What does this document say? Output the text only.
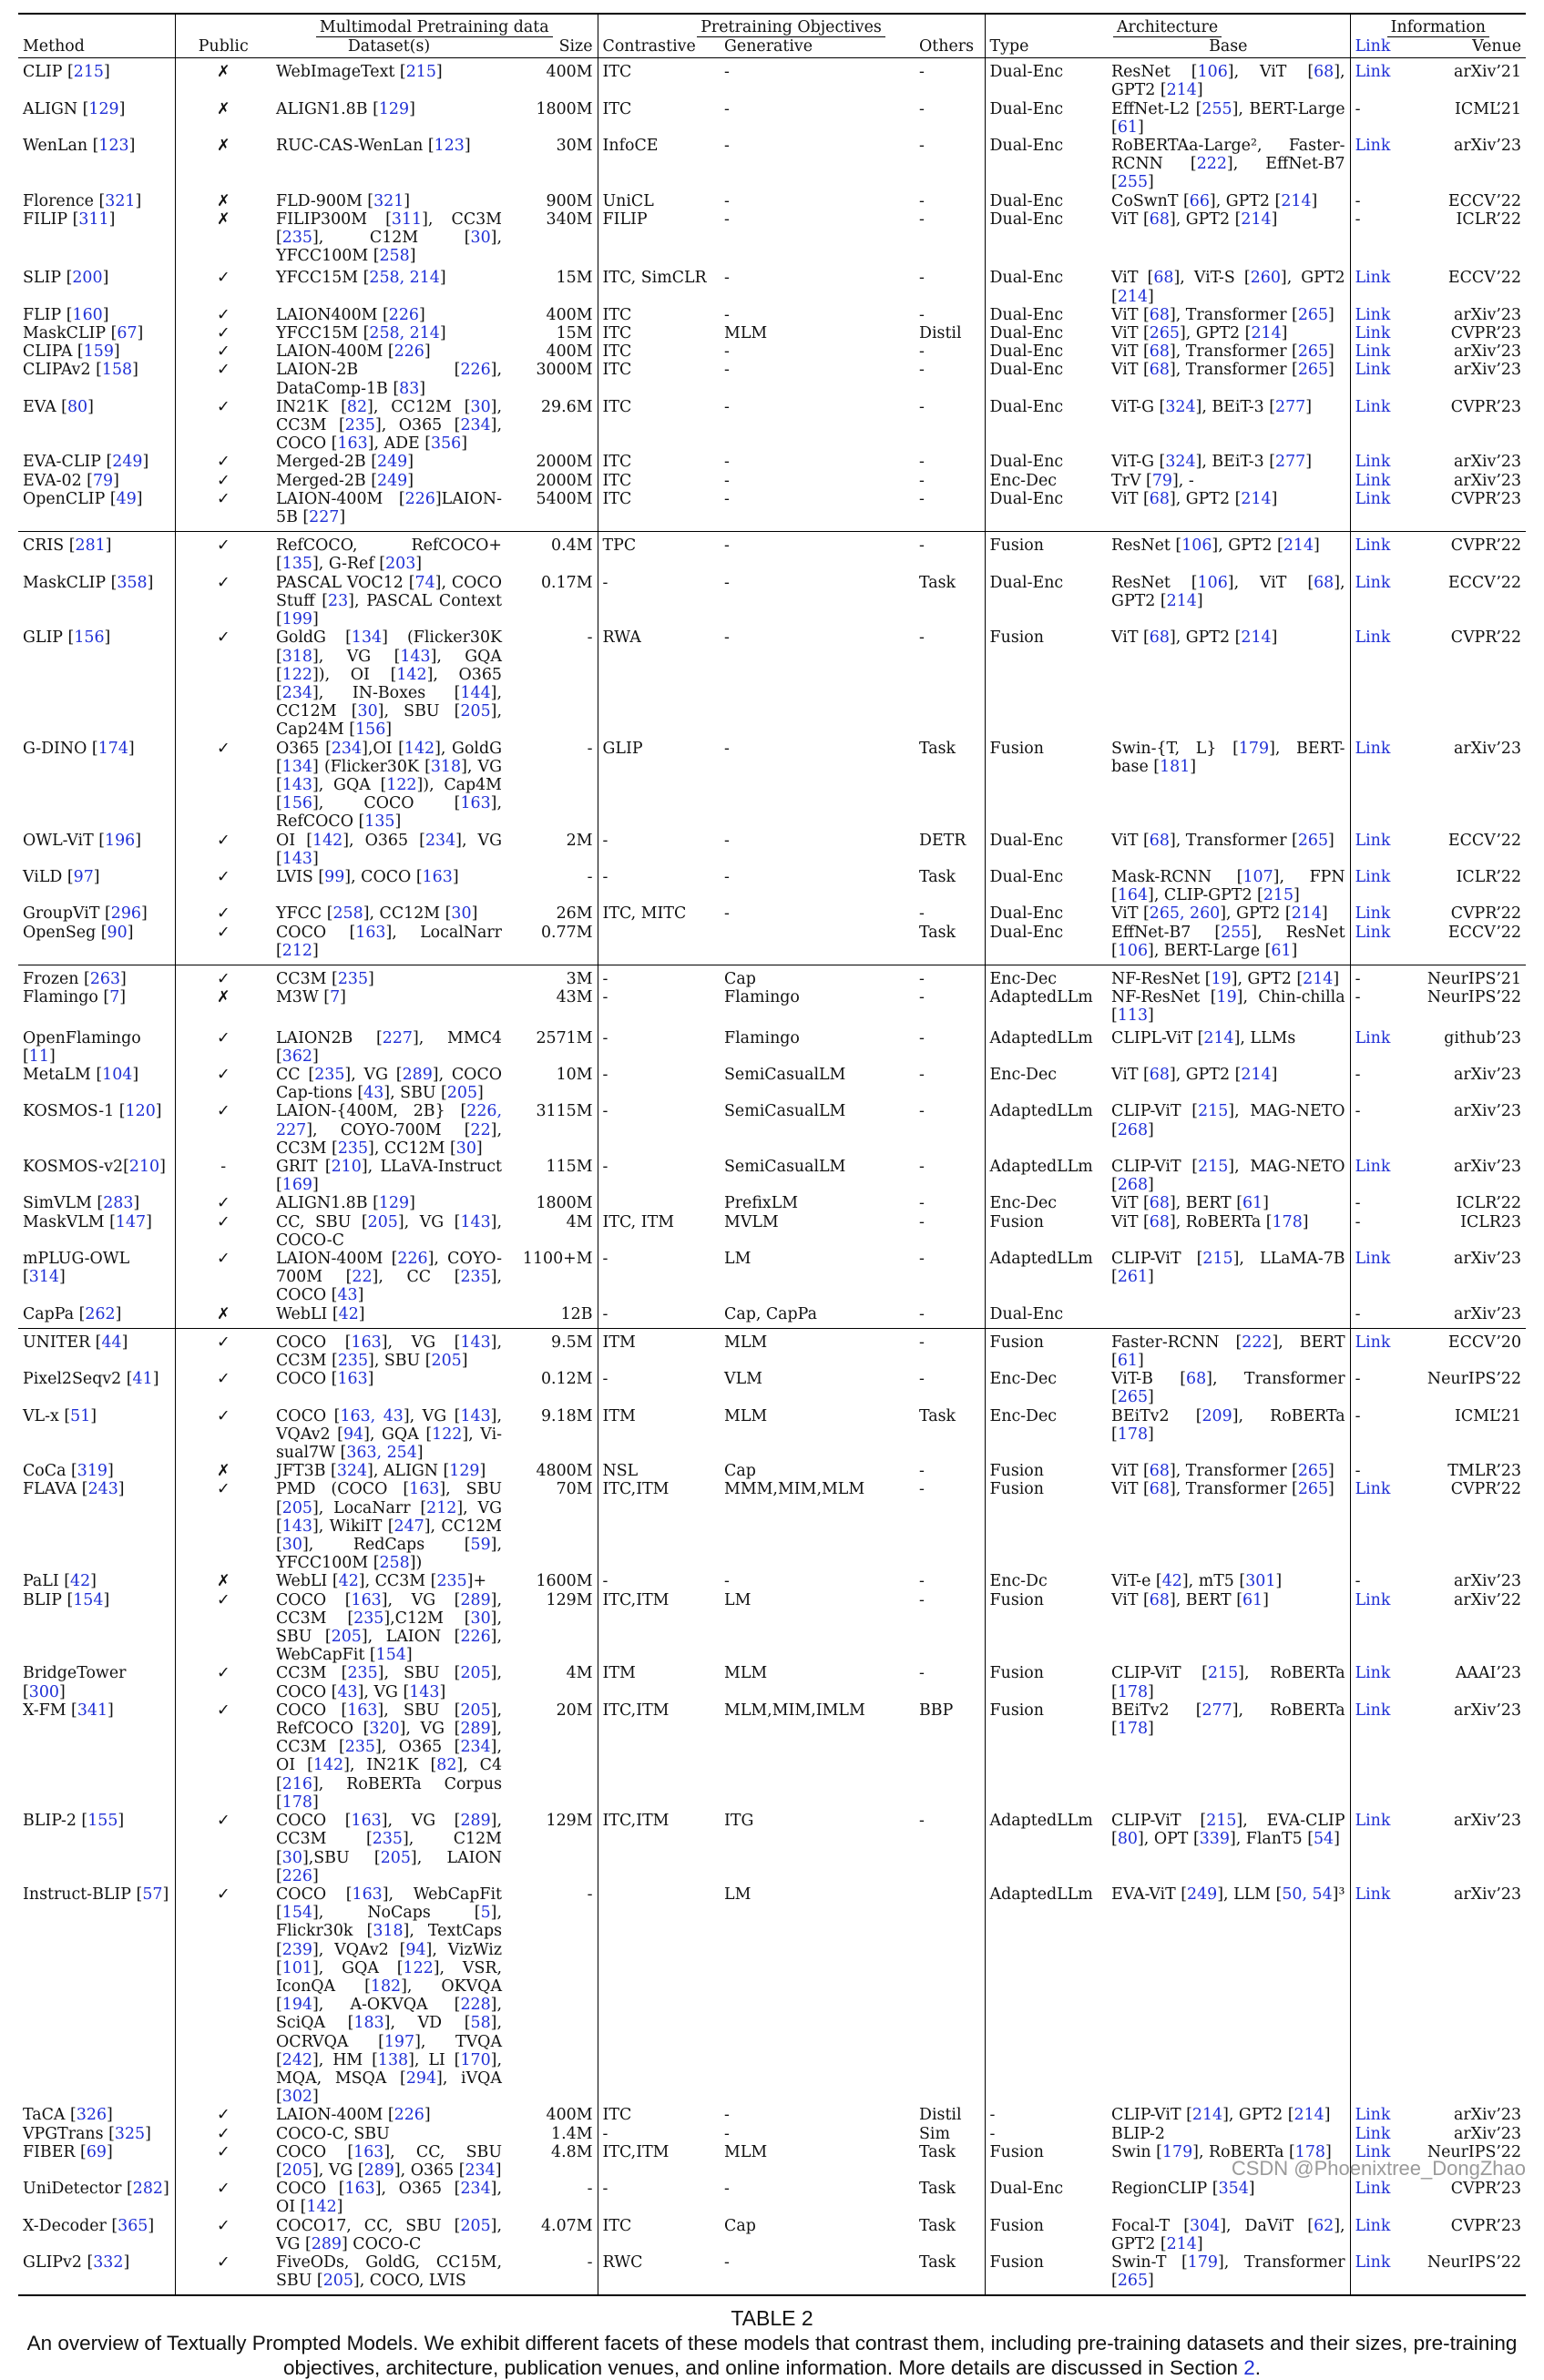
		Multimodal Pretraining data		Pretraining Objectives			Architecture		Information	
Method	Public	Dataset(s)	Size	Contrastive	Generative	Others	Type	Base	Link	Venue
CLIP [215]	✗	WebImageText [215]	400M	ITC	-	-	Dual-Enc	ResNet [106], ViT [68], GPT2 [214]	Link	arXiv’21
ALIGN [129]	✗	ALIGN1.8B [129]	1800M	ITC	-	-	Dual-Enc	EffNet-L2 [255], BERT-Large [61]	-	ICML’21
WenLan [123]	✗	RUC-CAS-WenLan [123]	30M	InfoCE	-	-	Dual-Enc	RoBERTAa-Large², Faster-RCNN [222], EffNet-B7 [255]	Link	arXiv’23
Florence [321]	✗	FLD-900M [321]	900M	UniCL	-	-	Dual-Enc	CoSwnT [66], GPT2 [214]	-	ECCV’22
FILIP [311]	✗	FILIP300M [311], CC3M [235], C12M [30], YFCC100M [258]	340M	FILIP	-	-	Dual-Enc	ViT [68], GPT2 [214]	-	ICLR’22
SLIP [200]	✓	YFCC15M [258, 214]	15M	ITC, SimCLR	-	-	Dual-Enc	ViT [68], ViT-S [260], GPT2 [214]	Link	ECCV’22
FLIP [160]	✓	LAION400M [226]	400M	ITC	-	-	Dual-Enc	ViT [68], Transformer [265]	Link	arXiv’23
MaskCLIP [67]	✓	YFCC15M [258, 214]	15M	ITC	MLM	Distil	Dual-Enc	ViT [265], GPT2 [214]	Link	CVPR’23
CLIPA [159]	✓	LAION-400M [226]	400M	ITC	-	-	Dual-Enc	ViT [68], Transformer [265]	Link	arXiv’23
CLIPAv2 [158]	✓	LAION-2B [226], DataComp-1B [83]	3000M	ITC	-	-	Dual-Enc	ViT [68], Transformer [265]	Link	arXiv’23
EVA [80]	✓	IN21K [82], CC12M [30], CC3M [235], O365 [234], COCO [163], ADE [356]	29.6M	ITC	-	-	Dual-Enc	ViT-G [324], BEiT-3 [277]	Link	CVPR’23
EVA-CLIP [249]	✓	Merged-2B [249]	2000M	ITC	-	-	Dual-Enc	ViT-G [324], BEiT-3 [277]	Link	arXiv’23
EVA-02 [79]	✓	Merged-2B [249]	2000M	ITC	-	-	Enc-Dec	TrV [79], -	Link	arXiv’23
OpenCLIP [49]	✓	LAION-400M [226]LAION-5B [227]	5400M	ITC	-	-	Dual-Enc	ViT [68], GPT2 [214]	Link	CVPR’23
CRIS [281]	✓	RefCOCO, RefCOCO+ [135], G-Ref [203]	0.4M	TPC	-	-	Fusion	ResNet [106], GPT2 [214]	Link	CVPR’22
MaskCLIP [358]	✓	PASCAL VOC12 [74], COCO Stuff [23], PASCAL Context [199]	0.17M	-	-	Task	Dual-Enc	ResNet [106], ViT [68], GPT2 [214]	Link	ECCV’22
GLIP [156]	✓	GoldG [134] (Flicker30K [318], VG [143], GQA [122]), OI [142], O365 [234], IN-Boxes [144], CC12M [30], SBU [205], Cap24M [156]	-	RWA	-	-	Fusion	ViT [68], GPT2 [214]	Link	CVPR’22
G-DINO [174]	✓	O365 [234],OI [142], GoldG [134] (Flicker30K [318], VG [143], GQA [122]), Cap4M [156], COCO [163], RefCOCO [135]	-	GLIP	-	Task	Fusion	Swin-{T, L} [179], BERT-base [181]	Link	arXiv’23
OWL-ViT [196]	✓	OI [142], O365 [234], VG [143]	2M	-	-	DETR	Dual-Enc	ViT [68], Transformer [265]	Link	ECCV’22
ViLD [97]	✓	LVIS [99], COCO [163]	-	-	-	Task	Dual-Enc	Mask-RCNN [107], FPN [164], CLIP-GPT2 [215]	Link	ICLR’22
GroupViT [296]	✓	YFCC [258], CC12M [30]	26M	ITC, MITC	-	-	Dual-Enc	ViT [265, 260], GPT2 [214]	Link	CVPR’22
OpenSeg [90]	✓	COCO [163], LocalNarr [212]	0.77M			Task	Dual-Enc	EffNet-B7 [255], ResNet [106], BERT-Large [61]	Link	ECCV’22
Frozen [263]	✓	CC3M [235]	3M	-	Cap	-	Enc-Dec	NF-ResNet [19], GPT2 [214]	-	NeurIPS’21
Flamingo [7]	✗	M3W [7]	43M	-	Flamingo	-	AdaptedLLm	NF-ResNet [19], Chin-chilla [113]	-	NeurIPS’22
OpenFlamingo [11]	✓	LAION2B [227], MMC4 [362]	2571M	-	Flamingo	-	AdaptedLLm	CLIPL-ViT [214], LLMs	Link	github’23
MetaLM [104]	✓	CC [235], VG [289], COCO Cap-tions [43], SBU [205]	10M	-	SemiCasualLM	-	Enc-Dec	ViT [68], GPT2 [214]	-	arXiv’23
KOSMOS-1 [120]	✓	LAION-{400M, 2B} [226, 227], COYO-700M [22], CC3M [235], CC12M [30]	3115M	-	SemiCasualLM	-	AdaptedLLm	CLIP-ViT [215], MAG-NETO [268]	-	arXiv’23
KOSMOS-v2[210]	-	GRIT [210], LLaVA-Instruct [169]	115M	-	SemiCasualLM	-	AdaptedLLm	CLIP-ViT [215], MAG-NETO [268]	Link	arXiv’23
SimVLM [283]	✓	ALIGN1.8B [129]	1800M		PrefixLM	-	Enc-Dec	ViT [68], BERT [61]	-	ICLR’22
MaskVLM [147]	✓	CC, SBU [205], VG [143], COCO-C	4M	ITC, ITM	MVLM	-	Fusion	ViT [68], RoBERTa [178]	-	ICLR23
mPLUG-OWL [314]	✓	LAION-400M [226], COYO-700M [22], CC [235], COCO [43]	1100+M	-	LM	-	AdaptedLLm	CLIP-ViT [215], LLaMA-7B [261]	Link	arXiv’23
CapPa [262]	✗	WebLI [42]	12B	-	Cap, CapPa	-	Dual-Enc		-	arXiv’23
UNITER [44]	✓	COCO [163], VG [143], CC3M [235], SBU [205]	9.5M	ITM	MLM	-	Fusion	Faster-RCNN [222], BERT [61]	Link	ECCV’20
Pixel2Seqv2 [41]	✓	COCO [163]	0.12M	-	VLM	-	Enc-Dec	ViT-B [68], Transformer [265]	-	NeurIPS’22
VL-x [51]	✓	COCO [163, 43], VG [143], VQAv2 [94], GQA [122], Vi-sual7W [363, 254]	9.18M	ITM	MLM	Task	Enc-Dec	BEiTv2 [209], RoBERTa [178]	-	ICML’21
CoCa [319]	✗	JFT3B [324], ALIGN [129]	4800M	NSL	Cap	-	Fusion	ViT [68], Transformer [265]	-	TMLR’23
FLAVA [243]	✓	PMD (COCO [163], SBU [205], LocaNarr [212], VG [143], WikiIT [247], CC12M [30], RedCaps [59], YFCC100M [258])	70M	ITC,ITM	MMM,MIM,MLM	-	Fusion	ViT [68], Transformer [265]	Link	CVPR’22
PaLI [42]	✗	WebLI [42], CC3M [235]+	1600M	-	-	-	Enc-Dc	ViT-e [42], mT5 [301]	-	arXiv’23
BLIP [154]	✓	COCO [163], VG [289], CC3M [235],C12M [30], SBU [205], LAION [226], WebCapFit [154]	129M	ITC,ITM	LM	-	Fusion	ViT [68], BERT [61]	Link	arXiv’22
BridgeTower [300]	✓	CC3M [235], SBU [205], COCO [43], VG [143]	4M	ITM	MLM	-	Fusion	CLIP-ViT [215], RoBERTa [178]	Link	AAAI’23
X-FM [341]	✓	COCO [163], SBU [205], RefCOCO [320], VG [289], CC3M [235], O365 [234], OI [142], IN21K [82], C4 [216], RoBERTa Corpus [178]	20M	ITC,ITM	MLM,MIM,IMLM	BBP	Fusion	BEiTv2 [277], RoBERTa [178]	Link	arXiv’23
BLIP-2 [155]	✓	COCO [163], VG [289], CC3M [235], C12M [30],SBU [205], LAION [226]	129M	ITC,ITM	ITG	-	AdaptedLLm	CLIP-ViT [215], EVA-CLIP [80], OPT [339], FlanT5 [54]	Link	arXiv’23
Instruct-BLIP [57]	✓	COCO [163], WebCapFit [154], NoCaps [5], Flickr30k [318], TextCaps [239], VQAv2 [94], VizWiz [101], GQA [122], VSR, IconQA [182], OKVQA [194], A-OKVQA [228], SciQA [183], VD [58], OCRVQA [197], TVQA [242], HM [138], LI [170], MQA, MSQA [294], iVQA [302]	-		LM		AdaptedLLm	EVA-ViT [249], LLM [50, 54]³	Link	arXiv’23
TaCA [326]	✓	LAION-400M [226]	400M	ITC	-	Distil	-	CLIP-ViT [214], GPT2 [214]	Link	arXiv’23
VPGTrans [325]	✓	COCO-C, SBU	1.4M	-	-	Sim	-	BLIP-2	Link	arXiv’23
FIBER [69]	✓	COCO [163], CC, SBU [205], VG [289], O365 [234]	4.8M	ITC,ITM	MLM	Task	Fusion	Swin [179], RoBERTa [178]	Link	NeurIPS’22
UniDetector [282]	✓	COCO [163], O365 [234], OI [142]	-	-	-	Task	Dual-Enc	RegionCLIP [354]	Link	CVPR’23
X-Decoder [365]	✓	COCO17, CC, SBU [205], VG [289] COCO-C	4.07M	ITC	Cap	Task	Fusion	Focal-T [304], DaViT [62], GPT2 [214]	Link	CVPR’23
GLIPv2 [332]	✓	FiveODs, GoldG, CC15M, SBU [205], COCO, LVIS	-	RWC	-	Task	Fusion	Swin-T [179], Transformer [265]	Link	NeurIPS’22
TABLE 2
An overview of Textually Prompted Models. We exhibit different facets of these models that contrast them, including pre-training datasets and their sizes, pre-training objectives, architecture, publication venues, and online information. More details are discussed in Section 2.
CSDN @Phoenixtree_DongZhao
